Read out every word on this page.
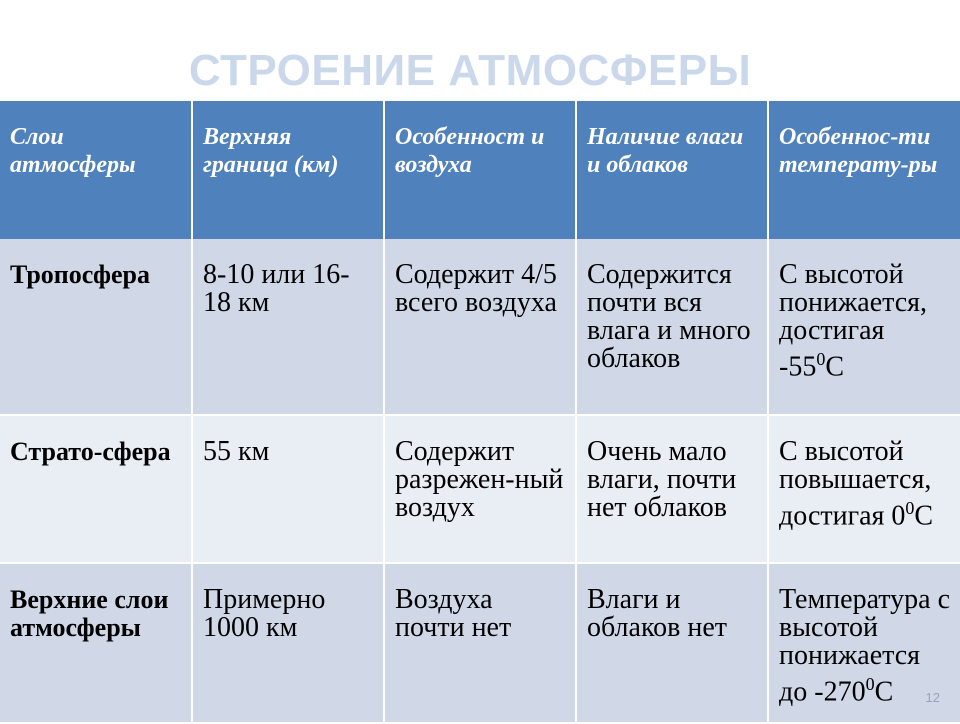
СТРОЕНИЕ АТМОСФЕРЫ
Слои атмосферы	Верхняя граница (км)	Особенност и воздуха	Наличие влаги и облаков	Особеннос-ти температу-ры
Тропосфера	8-10 или 16-18 км	Содержит 4/5 всего воздуха	Содержится почти вся влага и много облаков	С высотой понижается, достигая $-55^0С$
Страто-сфера	55 км	Содержит разрежен-ный воздух	Очень мало влаги, почти нет облаков	С высотой повышается, достигая $0^0С$
Верхние слои атмосферы	Примерно 1000 км	Воздуха почти нет	Влаги и облаков нет	Температура с высотой понижается до $-270^0С$ 12
